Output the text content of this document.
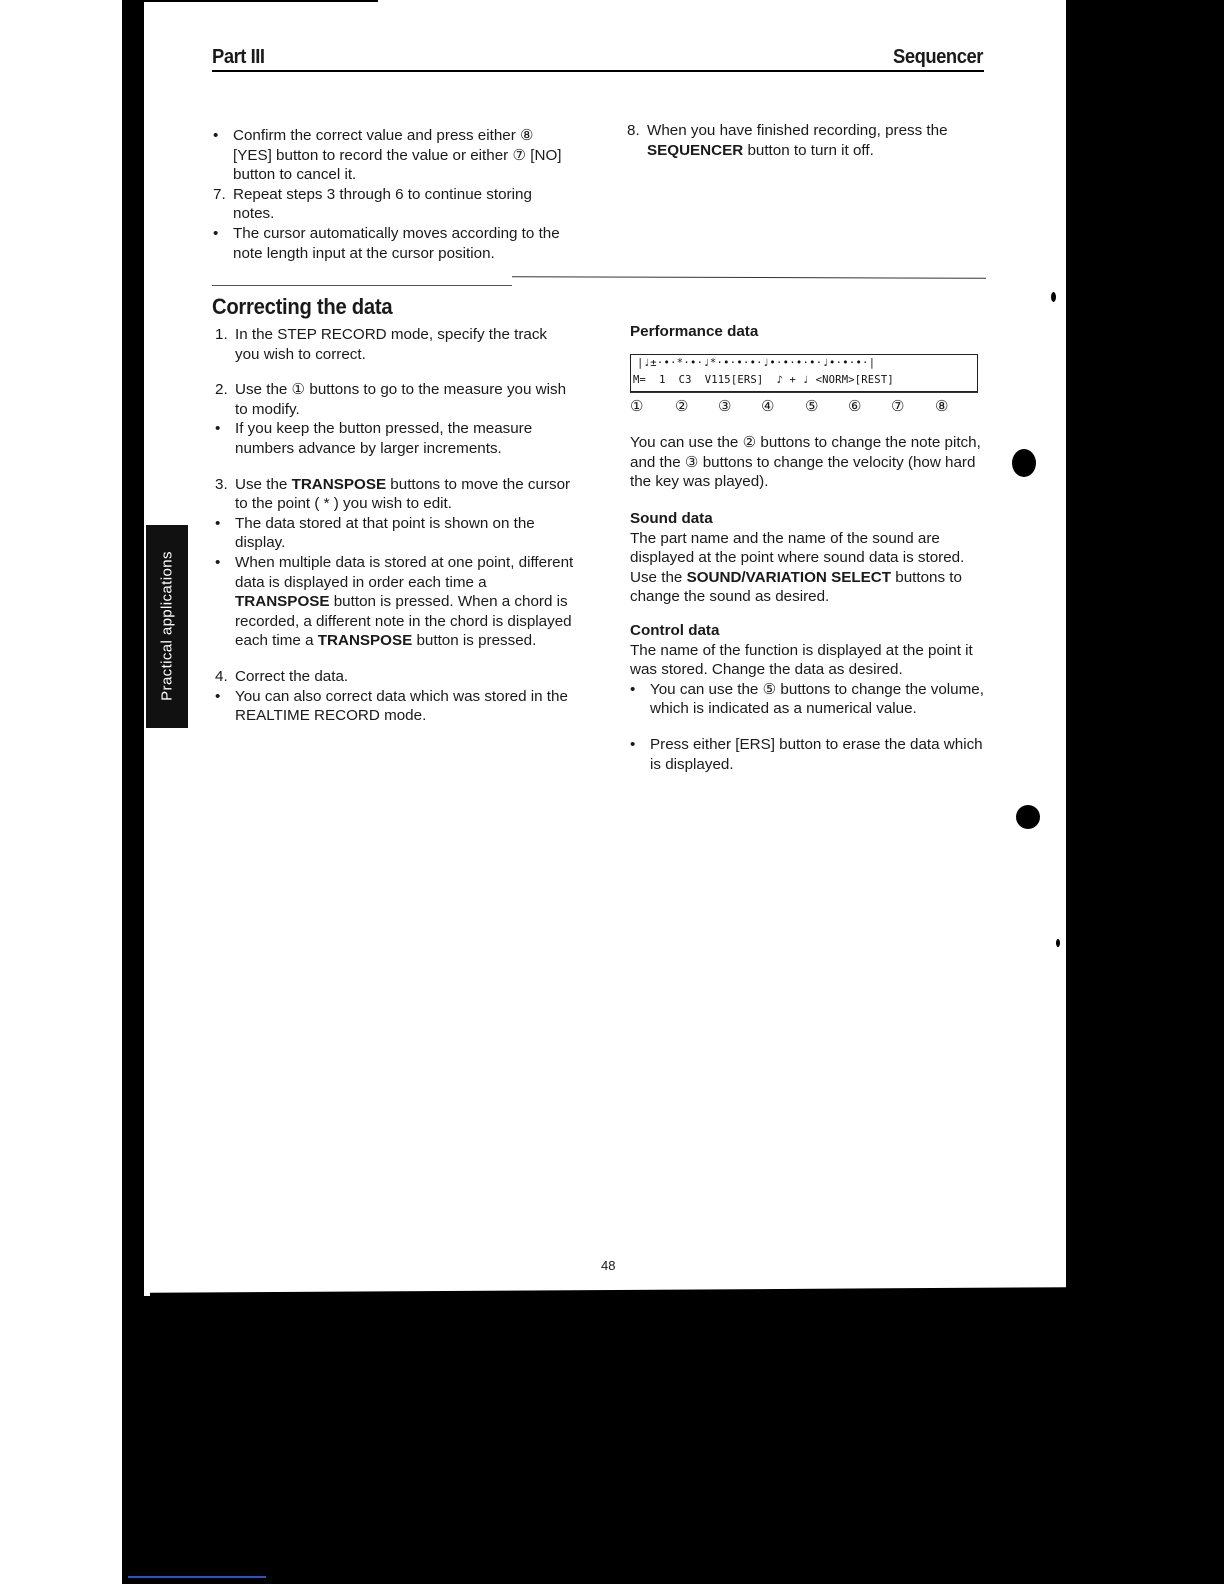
Part III	Sequencer

• Confirm the correct value and press either ⑧ [YES] button to record the value or either ⑦ [NO] button to cancel it.

7. Repeat steps 3 through 6 to continue storing notes.

• The cursor automatically moves according to the note length input at the cursor position.

8. When you have finished recording, press the SEQUENCER button to turn it off.

Correcting the data

1. In the STEP RECORD mode, specify the track you wish to correct.

2. Use the ① buttons to go to the measure you wish to modify.

• If you keep the button pressed, the measure numbers advance by larger increments.

3. Use the TRANSPOSE buttons to move the cursor to the point ( * ) you wish to edit.

• The data stored at that point is shown on the display.

• When multiple data is stored at one point, different data is displayed in order each time a TRANSPOSE button is pressed. When a chord is recorded, a different note in the chord is displayed each time a TRANSPOSE button is pressed.

4. Correct the data.

• You can also correct data which was stored in the REALTIME RECORD mode.

Performance data

|♩±·•·*·•·♩*·•·•·•·♩•·•·•·•·♩•·•·•·|
M=  1  C3  V115[ERS]  ♪ + ♩ <NORM>[REST]
① ② ③ ④ ⑤ ⑥ ⑦ ⑧

You can use the ② buttons to change the note pitch, and the ③ buttons to change the velocity (how hard the key was played).

Sound data

The part name and the name of the sound are displayed at the point where sound data is stored. Use the SOUND/VARIATION SELECT buttons to change the sound as desired.

Control data

The name of the function is displayed at the point it was stored. Change the data as desired.

• You can use the ⑤ buttons to change the volume, which is indicated as a numerical value.

• Press either [ERS] button to erase the data which is displayed.

Practical applications
48
